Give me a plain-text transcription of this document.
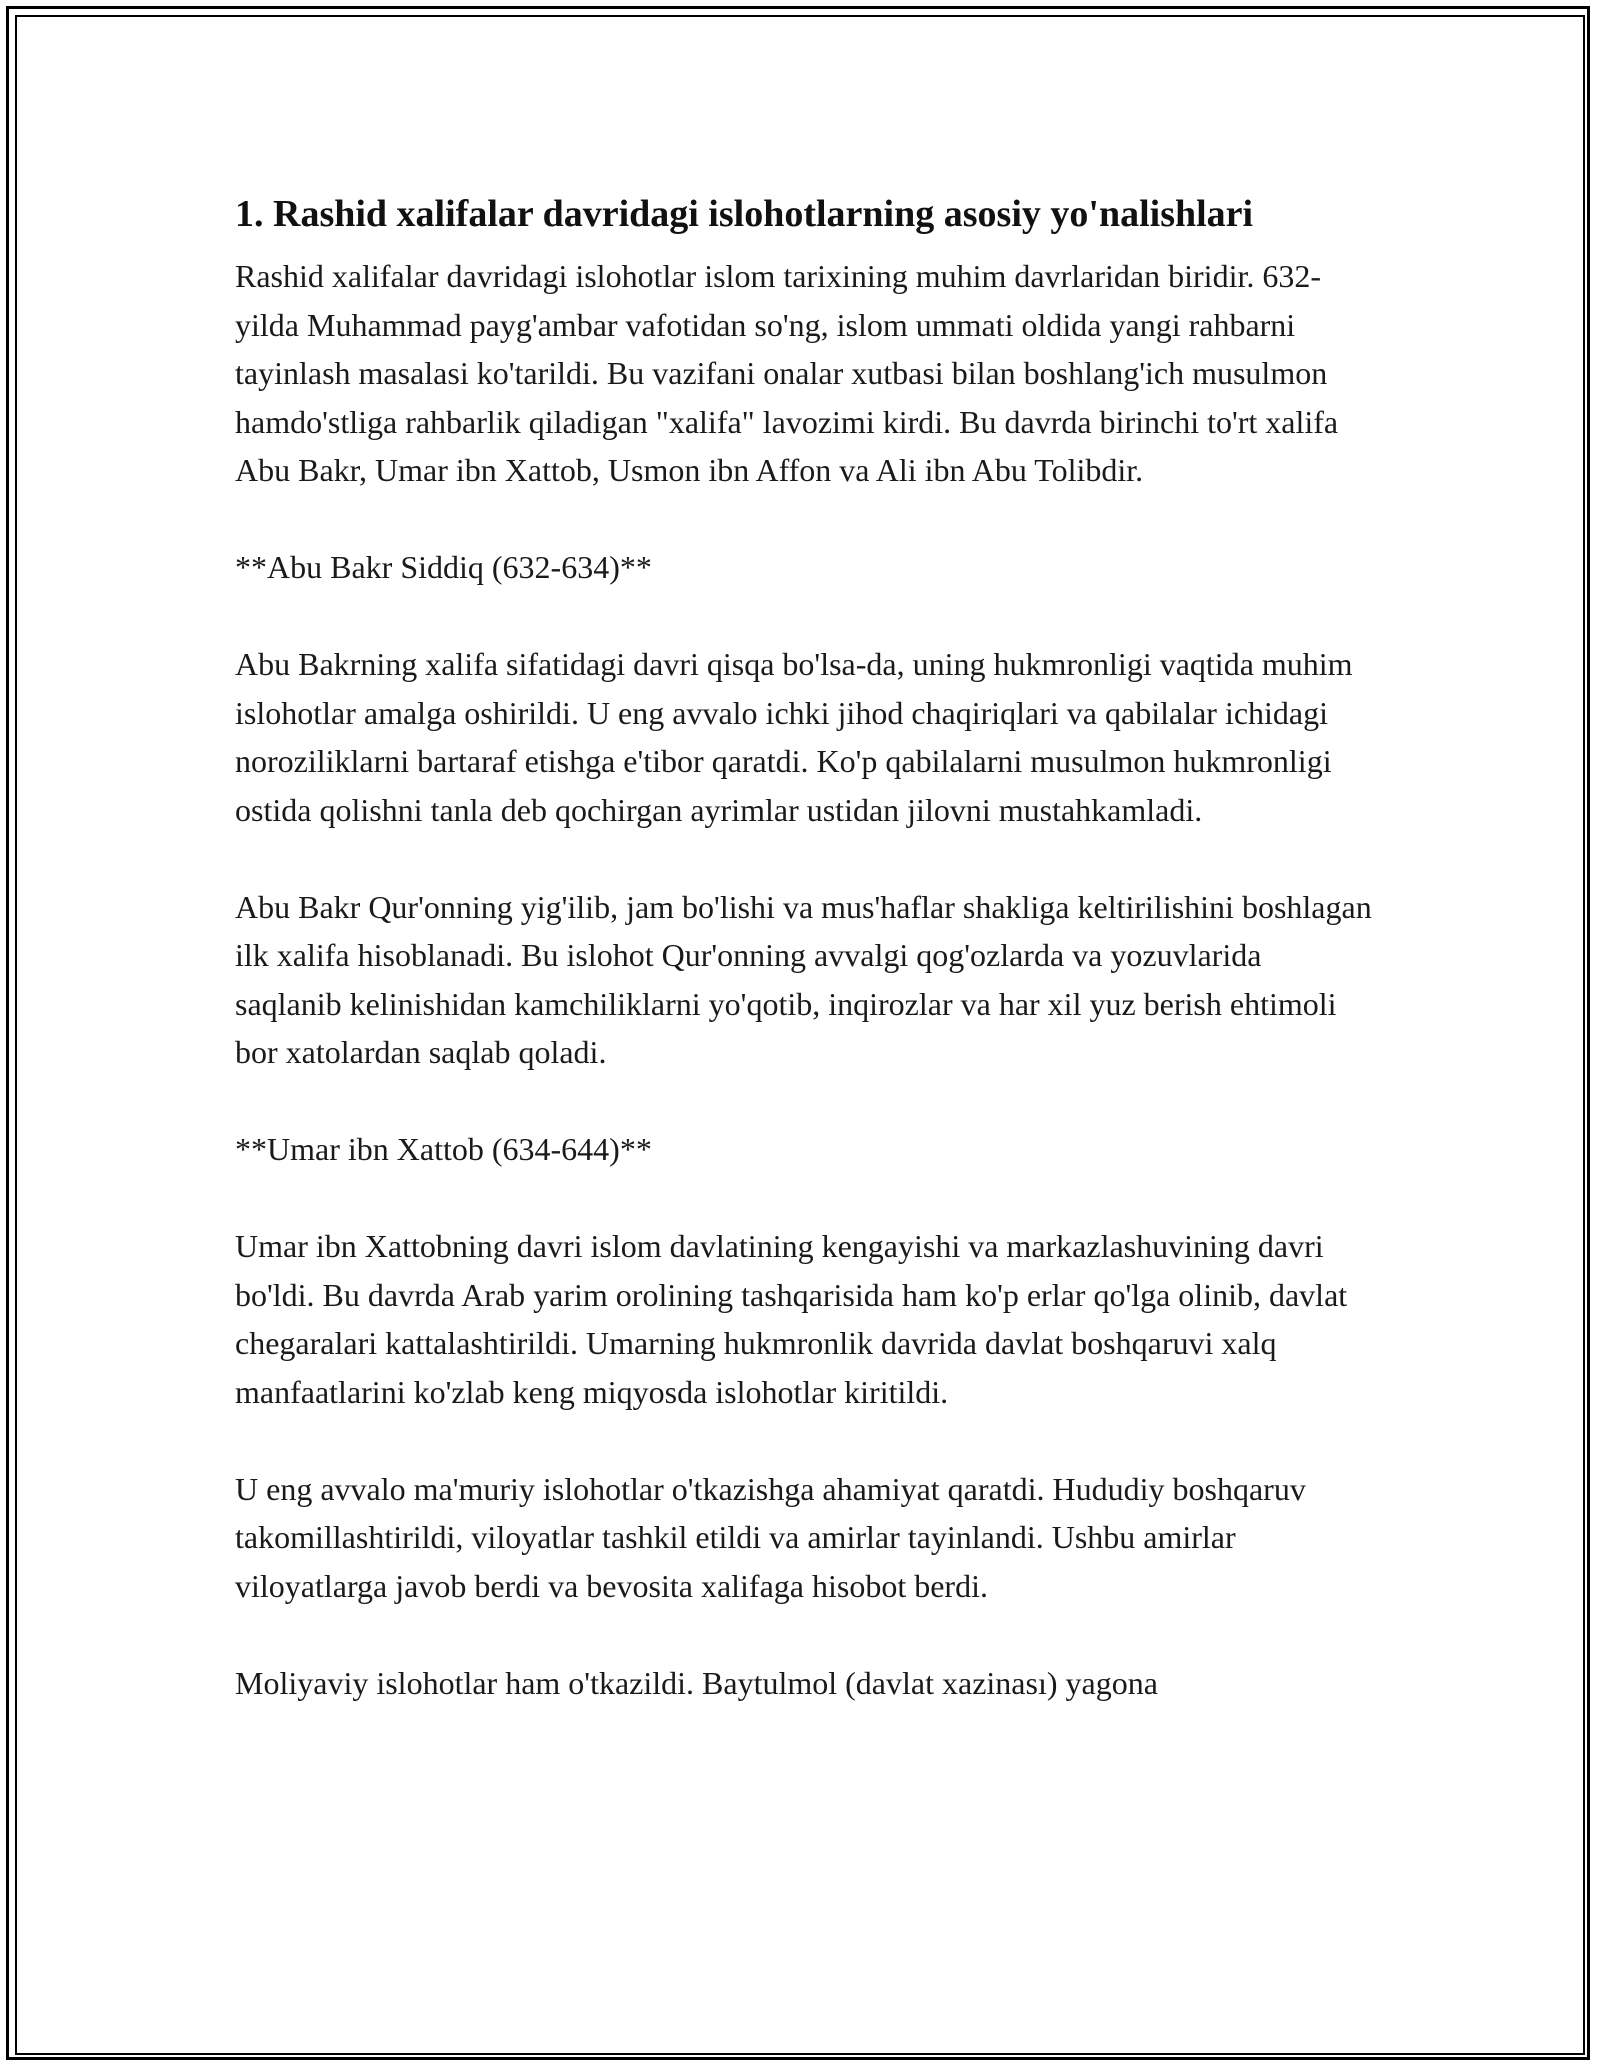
1. Rashid xalifalar davridagi islohotlarning asosiy yo'nalishlari

Rashid xalifalar davridagi islohotlar islom tarixining muhim davrlaridan biridir. 632-yilda Muhammad payg'ambar vafotidan so'ng, islom ummati oldida yangi rahbarni tayinlash masalasi ko'tarildi. Bu vazifani onalar xutbasi bilan boshlang'ich musulmon hamdo'stliga rahbarlik qiladigan "xalifa" lavozimi kirdi. Bu davrda birinchi to'rt xalifa Abu Bakr, Umar ibn Xattob, Usmon ibn Affon va Ali ibn Abu Tolibdir.

**Abu Bakr Siddiq (632-634)**

Abu Bakrning xalifa sifatidagi davri qisqa bo'lsa-da, uning hukmronligi vaqtida muhim islohotlar amalga oshirildi. U eng avvalo ichki jihod chaqiriqlari va qabilalar ichidagi noroziliklarni bartaraf etishga e'tibor qaratdi. Ko'p qabilalarni musulmon hukmronligi ostida qolishni tanla deb qochirgan ayrimlar ustidan jilovni mustahkamladi.

Abu Bakr Qur'onning yig'ilib, jam bo'lishi va mus'haflar shakliga keltirilishini boshlagan ilk xalifa hisoblanadi. Bu islohot Qur'onning avvalgi qog'ozlarda va yozuvlarida saqlanib kelinishidan kamchiliklarni yo'qotib, inqirozlar va har xil yuz berish ehtimoli bor xatolardan saqlab qoladi.

**Umar ibn Xattob (634-644)**

Umar ibn Xattobning davri islom davlatining kengayishi va markazlashuvining davri bo'ldi. Bu davrda Arab yarim orolining tashqarisida ham ko'p erlar qo'lga olinib, davlat chegaralari kattalashtirildi. Umarning hukmronlik davrida davlat boshqaruvi xalq manfaatlarini ko'zlab keng miqyosda islohotlar kiritildi.

U eng avvalo ma'muriy islohotlar o'tkazishga ahamiyat qaratdi. Hududiy boshqaruv takomillashtirildi, viloyatlar tashkil etildi va amirlar tayinlandi. Ushbu amirlar viloyatlarga javob berdi va bevosita xalifaga hisobot berdi.

Moliyaviy islohotlar ham o'tkazildi. Baytulmol (davlat xazinası) yagona
